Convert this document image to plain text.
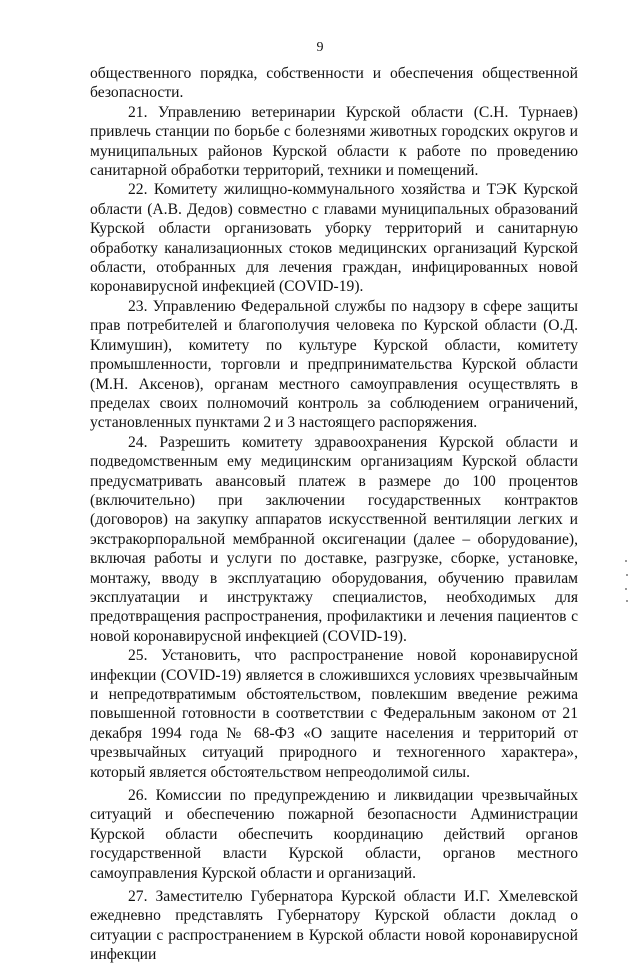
9

общественного порядка, собственности и обеспечения общественной безопасности.

21. Управлению ветеринарии Курской области (С.Н. Турнаев) привлечь станции по борьбе с болезнями животных городских округов и муниципальных районов Курской области к работе по проведению санитарной обработки территорий, техники и помещений.

22. Комитету жилищно-коммунального хозяйства и ТЭК Курской области (А.В. Дедов) совместно с главами муниципальных образований Курской области организовать уборку территорий и санитарную обработку канализационных стоков медицинских организаций Курской области, отобранных для лечения граждан, инфицированных новой коронавирусной инфекцией (COVID-19).

23. Управлению Федеральной службы по надзору в сфере защиты прав потребителей и благополучия человека по Курской области (О.Д. Климушин), комитету по культуре Курской области, комитету промышленности, торговли и предпринимательства Курской области (М.Н. Аксенов), органам местного самоуправления осуществлять в пределах своих полномочий контроль за соблюдением ограничений, установленных пунктами 2 и 3 настоящего распоряжения.

24. Разрешить комитету здравоохранения Курской области и подведомственным ему медицинским организациям Курской области предусматривать авансовый платеж в размере до 100 процентов (включительно) при заключении государственных контрактов (договоров) на закупку аппаратов искусственной вентиляции легких и экстракорпоральной мембранной оксигенации (далее – оборудование), включая работы и услуги по доставке, разгрузке, сборке, установке, монтажу, вводу в эксплуатацию оборудования, обучению правилам эксплуатации и инструктажу специалистов, необходимых для предотвращения распространения, профилактики и лечения пациентов с новой коронавирусной инфекцией (COVID-19).

25. Установить, что распространение новой коронавирусной инфекции (COVID-19) является в сложившихся условиях чрезвычайным и непредотвратимым обстоятельством, повлекшим введение режима повышенной готовности в соответствии с Федеральным законом от 21 декабря 1994 года № 68-ФЗ «О защите населения и территорий от чрезвычайных ситуаций природного и техногенного характера», который является обстоятельством непреодолимой силы.

26. Комиссии по предупреждению и ликвидации чрезвычайных ситуаций и обеспечению пожарной безопасности Администрации Курской области обеспечить координацию действий органов государственной власти Курской области, органов местного самоуправления Курской области и организаций.

27. Заместителю Губернатора Курской области И.Г. Хмелевской ежедневно представлять Губернатору Курской области доклад о ситуации с распространением в Курской области новой коронавирусной инфекции
